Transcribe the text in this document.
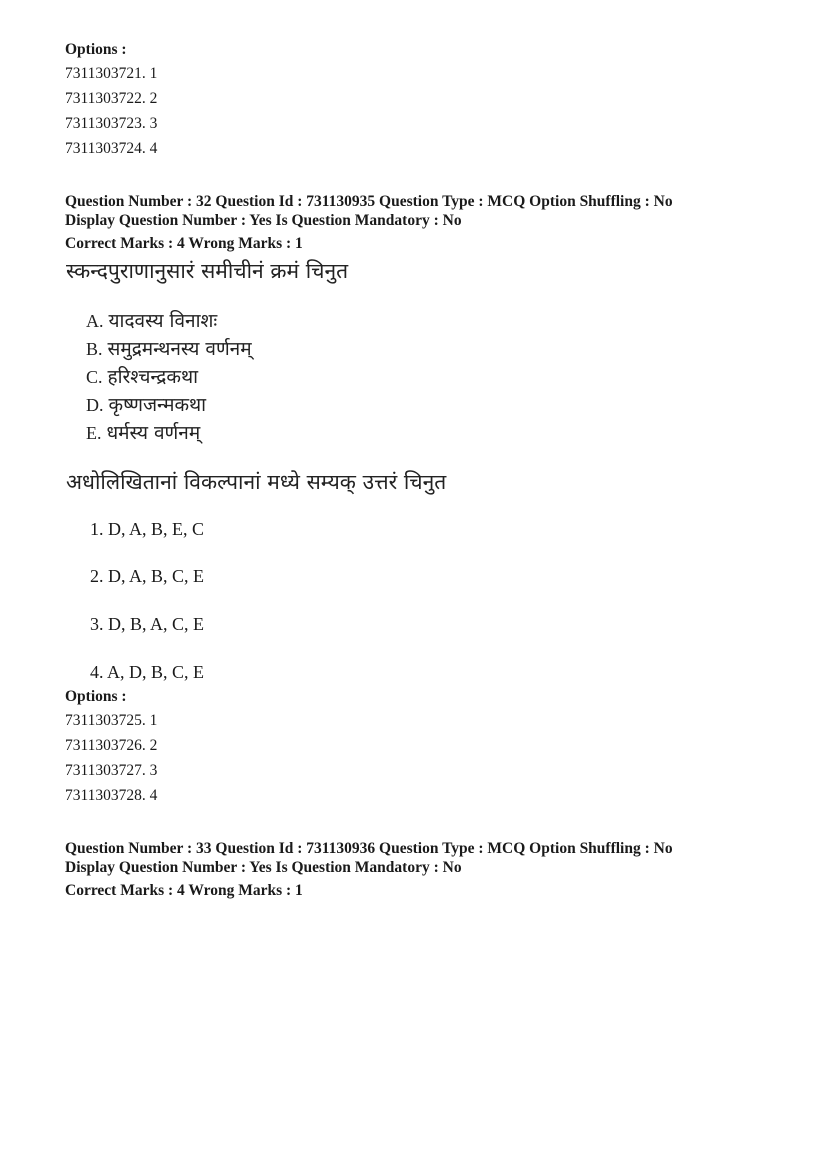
Options :
7311303721. 1
7311303722. 2
7311303723. 3
7311303724. 4
Question Number : 32 Question Id : 731130935 Question Type : MCQ Option Shuffling : No
Display Question Number : Yes Is Question Mandatory : No
Correct Marks : 4 Wrong Marks : 1
स्कन्दपुराणानुसारं समीचीनं क्रमं चिनुत
A. यादवस्य विनाशः
B. समुद्रमन्थनस्य वर्णनम्
C. हरिश्चन्द्रकथा
D. कृष्णजन्मकथा
E. धर्मस्य वर्णनम्
अधोलिखितानां विकल्पानां मध्ये सम्यक् उत्तरं चिनुत
1. D, A, B, E, C
2. D, A, B, C, E
3. D, B, A, C, E
4. A, D, B, C, E
Options :
7311303725. 1
7311303726. 2
7311303727. 3
7311303728. 4
Question Number : 33 Question Id : 731130936 Question Type : MCQ Option Shuffling : No
Display Question Number : Yes Is Question Mandatory : No
Correct Marks : 4 Wrong Marks : 1
